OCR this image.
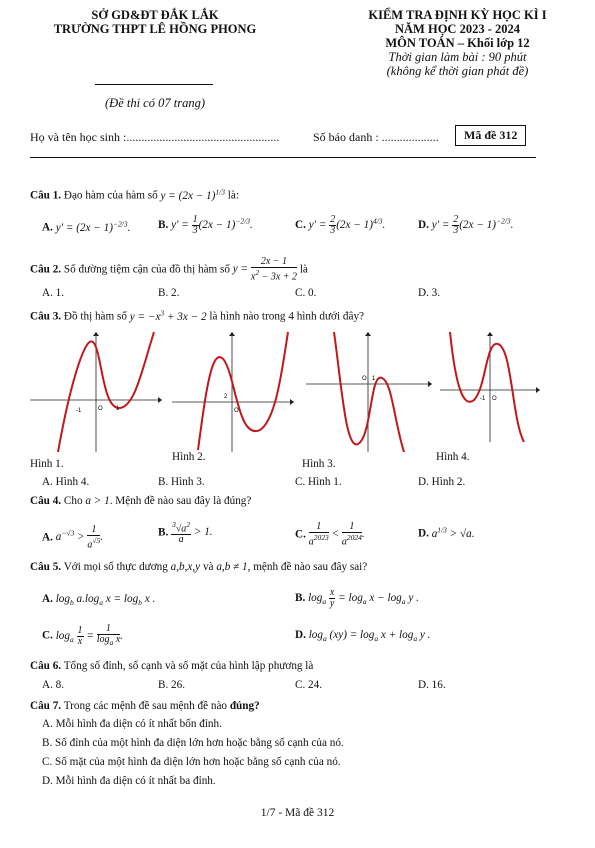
SỞ GD&ĐT ĐẮK LẮK
TRƯỜNG THPT LÊ HỒNG PHONG
(Đề thi có 07 trang)
KIỂM TRA ĐỊNH KỲ HỌC KÌ I
NĂM HỌC 2023 - 2024
MÔN TOÁN – Khối lớp 12
Thời gian làm bài : 90 phút
(không kể thời gian phát đề)
Họ và tên học sinh :...................................................	Số báo danh : ...................	Mã đề 312
Câu 1. Đạo hàm của hàm số $y = (2x - 1)^{1/3}$ là:
A. $y' = (2x - 1)^{-2/3}$. B. $y' = \frac{1}{3} (2x - 1)^{-2/3}$.	C. $y' = \frac{2}{3} (2x - 1)^{4/3}$.	D. $y' = \frac{2}{3} (2x - 1)^{-2/3}$.
Câu 2. Số đường tiệm cận của đồ thị hàm số $y = \frac{2x - 1}{x^2 - 3x + 2}$ là
A. 1.	B. 2.	C. 0.	D. 3.
Câu 3. Đồ thị hàm số $y = -x^3 + 3x - 2$ là hình nào trong 4 hình dưới đây?
-1	O 1
Hình 1.
2
O
Hình 2.
O 1
Hình 3.
-1 O
Hình 4.
A. Hình 4.	B. Hình 3.	C. Hình 1.	D. Hình 2.
Câu 4. Cho a > 1. Mệnh đề nào sau đây là đúng?
A. $a^{-√3} > \frac{1}{a^{√5}}$ .	B. $\frac{^3√a^2}{a} > 1$.	C. $\frac{1}{a^{2023}} < \frac{1}{a^{2024}}$ .	D. $a^{1/3} > √a$.
Câu 5. Với mọi số thực dương a,b,x,y và a,b ≠ 1, mệnh đề nào sau đây sai?
A. $\log_b a.\log_a$ $x = \log_b x$ .	B. $\log_a \frac{x}{y} = \log_a x - \log_a y$ .
C. $\log_a \frac{1}{x} = \frac{1}{\log_a x}$ .	D. $\log_a (xy) = \log_a x + \log_a y$ .
Câu 6. Tổng số đỉnh, số cạnh và số mặt của hình lập phương là
A. 8.	B. 26.	C. 24.	D. 16.
Câu 7. Trong các mệnh đề sau mệnh đề nào đúng?
A. Mỗi hình đa diện có ít nhất bốn đỉnh.
B. Số đỉnh của một hình đa diện lớn hơn hoặc bằng số cạnh của nó.
C. Số mặt của một hình đa diện lớn hơn hoặc bằng số cạnh của nó.
D. Mỗi hình đa diện có ít nhất ba đỉnh.
1/7 - Mã đề 312
